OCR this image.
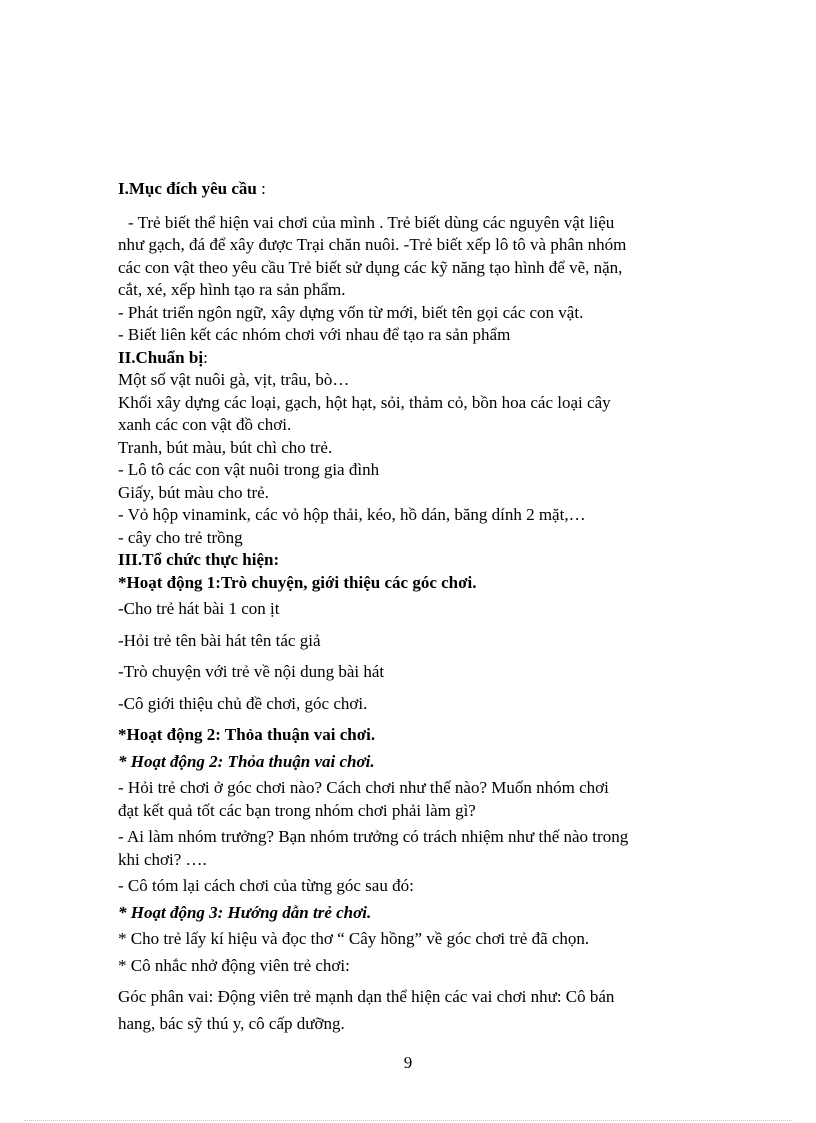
I.Mục đích yêu cầu :

- Trẻ biết thể hiện vai chơi của mình . Trẻ biết dùng các nguyên vật liệu

như gạch, đá để xây được Trại chăn nuôi. -Trẻ biết xếp lô tô và phân nhóm

các con vật theo yêu cầu Trẻ biết sử dụng các kỹ năng tạo hình để vẽ, nặn,

cắt, xé, xếp hình tạo ra sản phẩm.

- Phát triển ngôn ngữ, xây dựng vốn từ mới, biết tên gọi các con vật.

- Biết liên kết các nhóm chơi với nhau để tạo ra sản phẩm

II.Chuẩn bị:

Một số vật nuôi gà, vịt, trâu, bò…

Khối xây dựng các loại, gạch, hột hạt, sỏi, thảm cỏ, bồn hoa các loại cây

xanh các con vật đồ chơi.

Tranh, bút màu, bút chì cho trẻ.

- Lô tô các con vật nuôi trong gia đình

Giấy, bút màu cho trẻ.

- Vỏ hộp vinamink, các vỏ hộp thải, kéo, hồ dán, băng dính 2 mặt,…

- cây cho trẻ trồng

III.Tổ chức thực hiện:

*Hoạt động 1:Trò chuyện, giới thiệu các góc chơi.

-Cho trẻ hát bài 1 con ịt

-Hỏi trẻ tên bài hát tên tác giả

-Trò chuyện với trẻ về nội dung bài hát

-Cô giới thiệu chủ đề chơi, góc chơi.

*Hoạt động 2: Thỏa thuận vai chơi.

* Hoạt động 2: Thỏa thuận vai chơi.

- Hỏi trẻ chơi ở góc chơi nào? Cách chơi như thế nào? Muốn nhóm chơi

đạt kết quả tốt các bạn trong nhóm chơi phải làm gì?

- Ai làm nhóm trưởng? Bạn nhóm trưởng có trách nhiệm như thế nào trong

khi chơi? ….

- Cô tóm lại cách chơi của từng góc sau đó:

* Hoạt động 3: Hướng dẫn trẻ chơi.

* Cho trẻ lấy kí hiệu và đọc thơ “ Cây hồng” về góc chơi trẻ đã chọn.

* Cô nhắc nhở động viên trẻ chơi:

Góc phân vai: Động viên trẻ mạnh dạn thể hiện các vai chơi như: Cô bán

hang, bác sỹ thú y, cô cấp dưỡng.

9
